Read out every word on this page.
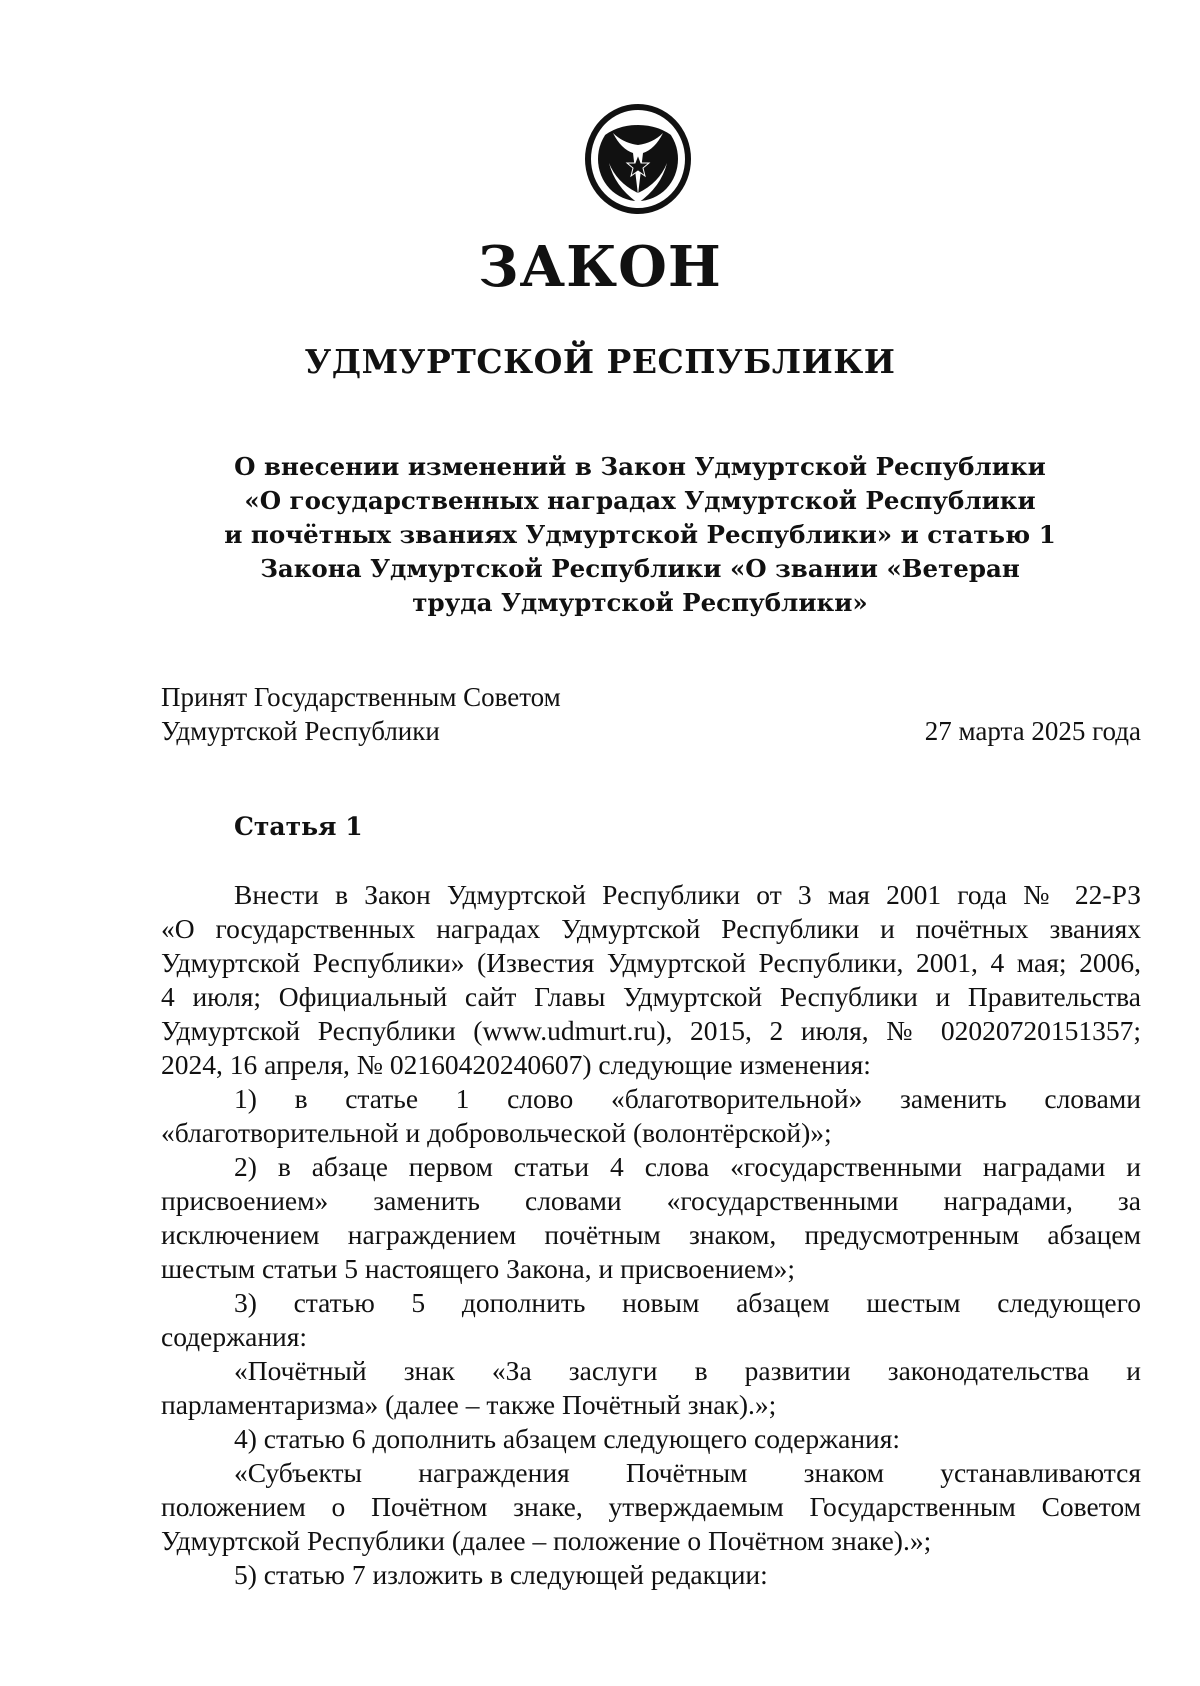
ЗАКОН
УДМУРТСКОЙ РЕСПУБЛИКИ
О внесении изменений в Закон Удмуртской Республики
«О государственных наградах Удмуртской Республики
и почётных званиях Удмуртской Республики» и статью 1
Закона Удмуртской Республики «О звании «Ветеран
труда Удмуртской Республики»
Принят Государственным Советом
Удмуртской Республики	27 марта 2025 года
Статья 1
Внести в Закон Удмуртской Республики от 3 мая 2001 года № 22-РЗ
«О государственных наградах Удмуртской Республики и почётных званиях
Удмуртской Республики» (Известия Удмуртской Республики, 2001, 4 мая; 2006,
4 июля; Официальный сайт Главы Удмуртской Республики и Правительства
Удмуртской Республики (www.udmurt.ru), 2015, 2 июля, № 02020720151357;
2024, 16 апреля, № 02160420240607) следующие изменения:
1) в статье 1 слово «благотворительной» заменить словами
«благотворительной и добровольческой (волонтёрской)»;
2) в абзаце первом статьи 4 слова «государственными наградами и
присвоением» заменить словами «государственными наградами, за
исключением награждением почётным знаком, предусмотренным абзацем
шестым статьи 5 настоящего Закона, и присвоением»;
3) статью 5 дополнить новым абзацем шестым следующего
содержания:
«Почётный знак «За заслуги в развитии законодательства и
парламентаризма» (далее – также Почётный знак).»;
4) статью 6 дополнить абзацем следующего содержания:
«Субъекты награждения Почётным знаком устанавливаются
положением о Почётном знаке, утверждаемым Государственным Советом
Удмуртской Республики (далее – положение о Почётном знаке).»;
5) статью 7 изложить в следующей редакции:
